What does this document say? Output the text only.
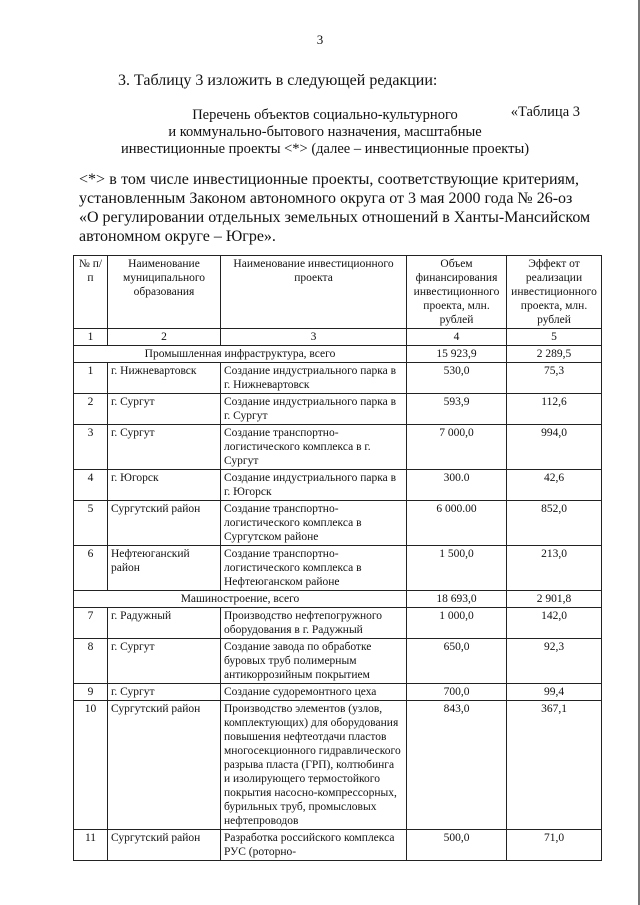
3
3. Таблицу 3 изложить в следующей редакции:
«Таблица 3
Перечень объектов социально-культурного
и коммунально-бытового назначения, масштабные
инвестиционные проекты <*> (далее – инвестиционные проекты)
<*> в том числе инвестиционные проекты, соответствующие критериям,
установленным Законом автономного округа от 3 мая 2000 года № 26-оз
«О регулировании отдельных земельных отношений в Ханты-Мансийском
автономном округе – Югре».
№ п/п	Наименование муниципального образования	Наименование инвестиционного проекта	Объем финансирования инвестиционного проекта, млн. рублей	Эффект от реализации инвестиционного проекта, млн. рублей
1	2	3	4	5
Промышленная инфраструктура, всего			15 923,9	2 289,5
1	г. Нижневартовск	Создание индустриального парка в г. Нижневартовск	530,0	75,3
2	г. Сургут	Создание индустриального парка в г. Сургут	593,9	112,6
3	г. Сургут	Создание транспортно-логистического комплекса в г. Сургут	7 000,0	994,0
4	г. Югорск	Создание индустриального парка в г. Югорск	300.0	42,6
5	Сургутский район	Создание транспортно-логистического комплекса в Сургутском районе	6 000.00	852,0
6	Нефтеюганский район	Создание транспортно-логистического комплекса в Нефтеюганском районе	1 500,0	213,0
Машиностроение, всего			18 693,0	2 901,8
7	г. Радужный	Производство нефтепогружного оборудования в г. Радужный	1 000,0	142,0
8	г. Сургут	Создание завода по обработке буровых труб полимерным антикоррозийным покрытием	650,0	92,3
9	г. Сургут	Создание судоремонтного цеха	700,0	99,4
10	Сургутский район	Производство элементов (узлов, комплектующих) для оборудования повышения нефтеотдачи пластов многосекционного гидравлического разрыва пласта (ГРП), колтюбинга и изолирующего термостойкого покрытия насосно-компрессорных, бурильных труб, промысловых нефтепроводов	843,0	367,1
11	Сургутский район	Разработка российского комплекса РУС (роторно-	500,0	71,0
